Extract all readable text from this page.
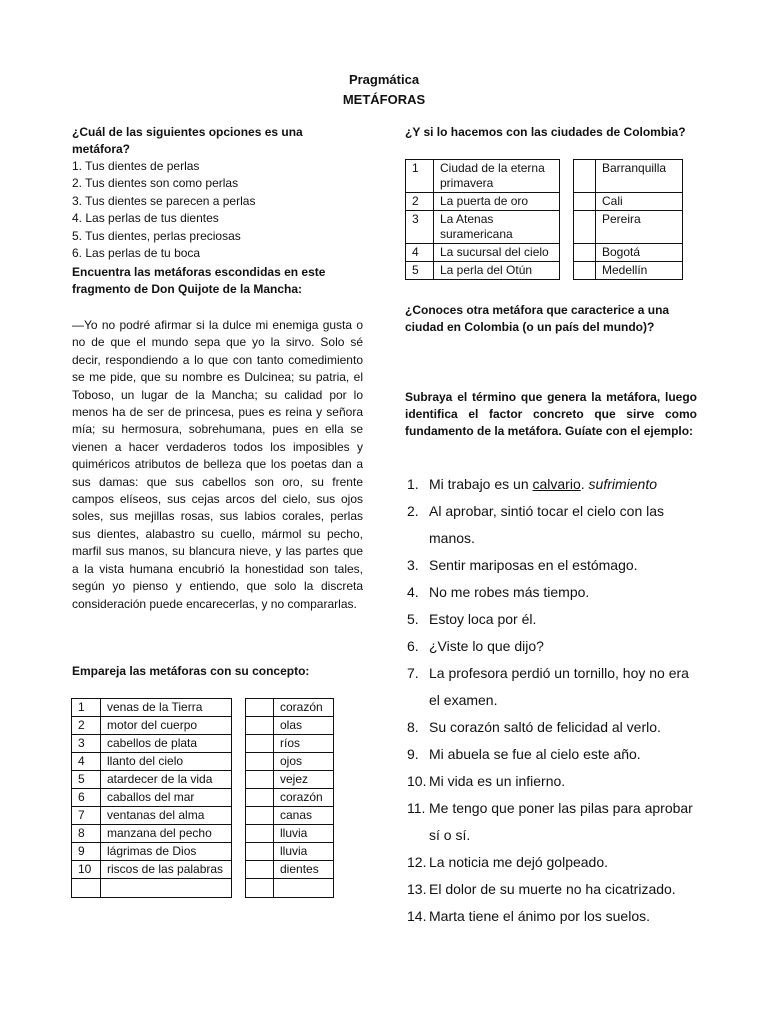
Pragmática
METÁFORAS
¿Cuál de las siguientes opciones es una metáfora?
1. Tus dientes de perlas
2. Tus dientes son como perlas
3. Tus dientes se parecen a perlas
4. Las perlas de tus dientes
5. Tus dientes, perlas preciosas
6. Las perlas de tu boca
Encuentra las metáforas escondidas en este fragmento de Don Quijote de la Mancha:
—Yo no podré afirmar si la dulce mi enemiga gusta o no de que el mundo sepa que yo la sirvo. Solo sé decir, respondiendo a lo que con tanto comedimiento se me pide, que su nombre es Dulcinea; su patria, el Toboso, un lugar de la Mancha; su calidad por lo menos ha de ser de princesa, pues es reina y señora mía; su hermosura, sobrehumana, pues en ella se vienen a hacer verdaderos todos los imposibles y quiméricos atributos de belleza que los poetas dan a sus damas: que sus cabellos son oro, su frente campos elíseos, sus cejas arcos del cielo, sus ojos soles, sus mejillas rosas, sus labios corales, perlas sus dientes, alabastro su cuello, mármol su pecho, marfil sus manos, su blancura nieve, y las partes que a la vista humana encubrió la honestidad son tales, según yo pienso y entiendo, que solo la discreta consideración puede encarecerlas, y no compararlas.
Empareja las metáforas con su concepto:
1	venas de la Tierra			corazón
2	motor del cuerpo			olas
3	cabellos de plata			ríos
4	llanto del cielo			ojos
5	atardecer de la vida			vejez
6	caballos del mar			corazón
7	ventanas del alma			canas
8	manzana del pecho			lluvia
9	lágrimas de Dios			lluvia
10	riscos de las palabras			dientes

¿Y si lo hacemos con las ciudades de Colombia?
1	Ciudad de la eterna primavera			Barranquilla
2	La puerta de oro			Cali
3	La Atenas suramericana			Pereira
4	La sucursal del cielo			Bogotá
5	La perla del Otún			Medellín
¿Conoces otra metáfora que caracterice a una ciudad en Colombia (o un país del mundo)?
Subraya el término que genera la metáfora, luego identifica el factor concreto que sirve como fundamento de la metáfora. Guíate con el ejemplo:
1. Mi trabajo es un calvario. sufrimiento
2. Al aprobar, sintió tocar el cielo con las manos.
3. Sentir mariposas en el estómago.
4. No me robes más tiempo.
5. Estoy loca por él.
6. ¿Viste lo que dijo?
7. La profesora perdió un tornillo, hoy no era el examen.
8. Su corazón saltó de felicidad al verlo.
9. Mi abuela se fue al cielo este año.
10. Mi vida es un infierno.
11. Me tengo que poner las pilas para aprobar sí o sí.
12. La noticia me dejó golpeado.
13. El dolor de su muerte no ha cicatrizado.
14. Marta tiene el ánimo por los suelos.
